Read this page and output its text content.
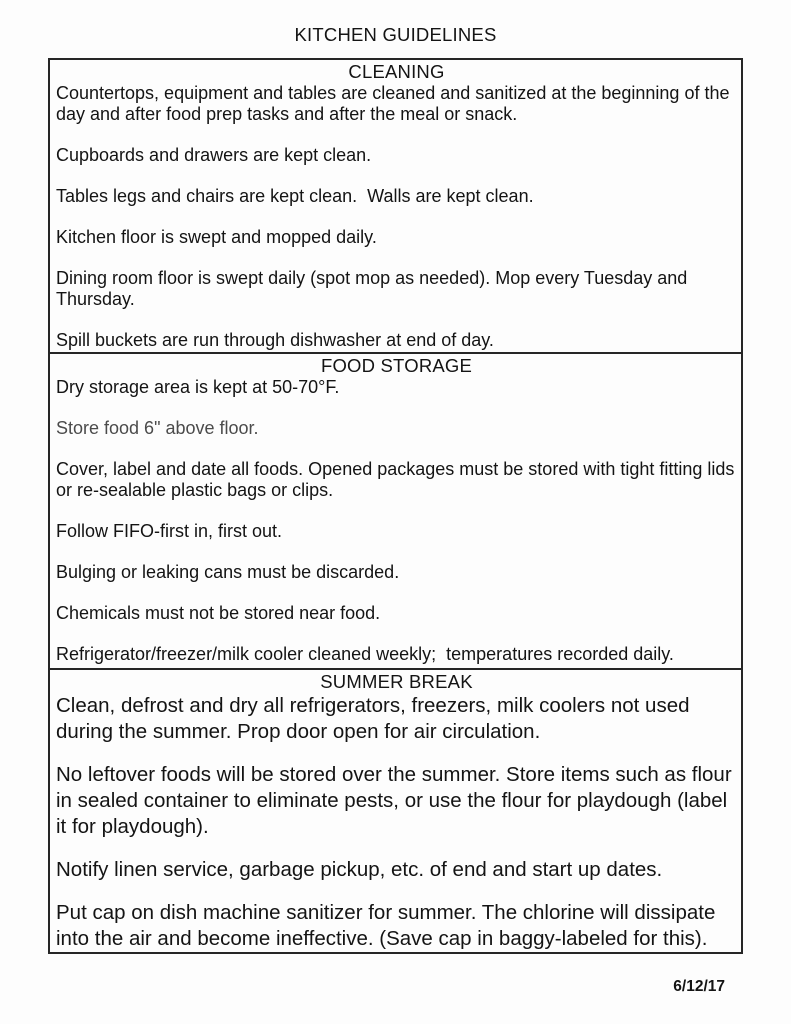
KITCHEN GUIDELINES
CLEANING

Countertops, equipment and tables are cleaned and sanitized at the beginning of the day and after food prep tasks and after the meal or snack.

Cupboards and drawers are kept clean.

Tables legs and chairs are kept clean.  Walls are kept clean.

Kitchen floor is swept and mopped daily.

Dining room floor is swept daily (spot mop as needed). Mop every Tuesday and Thursday.

Spill buckets are run through dishwasher at end of day.

FOOD STORAGE

Dry storage area is kept at 50-70°F.

Store food 6" above floor.

Cover, label and date all foods. Opened packages must be stored with tight fitting lids or re-sealable plastic bags or clips.

Follow FIFO-first in, first out.

Bulging or leaking cans must be discarded.

Chemicals must not be stored near food.

Refrigerator/freezer/milk cooler cleaned weekly;  temperatures recorded daily.

SUMMER BREAK

Clean, defrost and dry all refrigerators, freezers, milk coolers not used during the summer. Prop door open for air circulation.

No leftover foods will be stored over the summer. Store items such as flour in sealed container to eliminate pests, or use the flour for playdough (label it for playdough).

Notify linen service, garbage pickup, etc. of end and start up dates.

Put cap on dish machine sanitizer for summer. The chlorine will dissipate into the air and become ineffective. (Save cap in baggy-labeled for this).

6/12/17
